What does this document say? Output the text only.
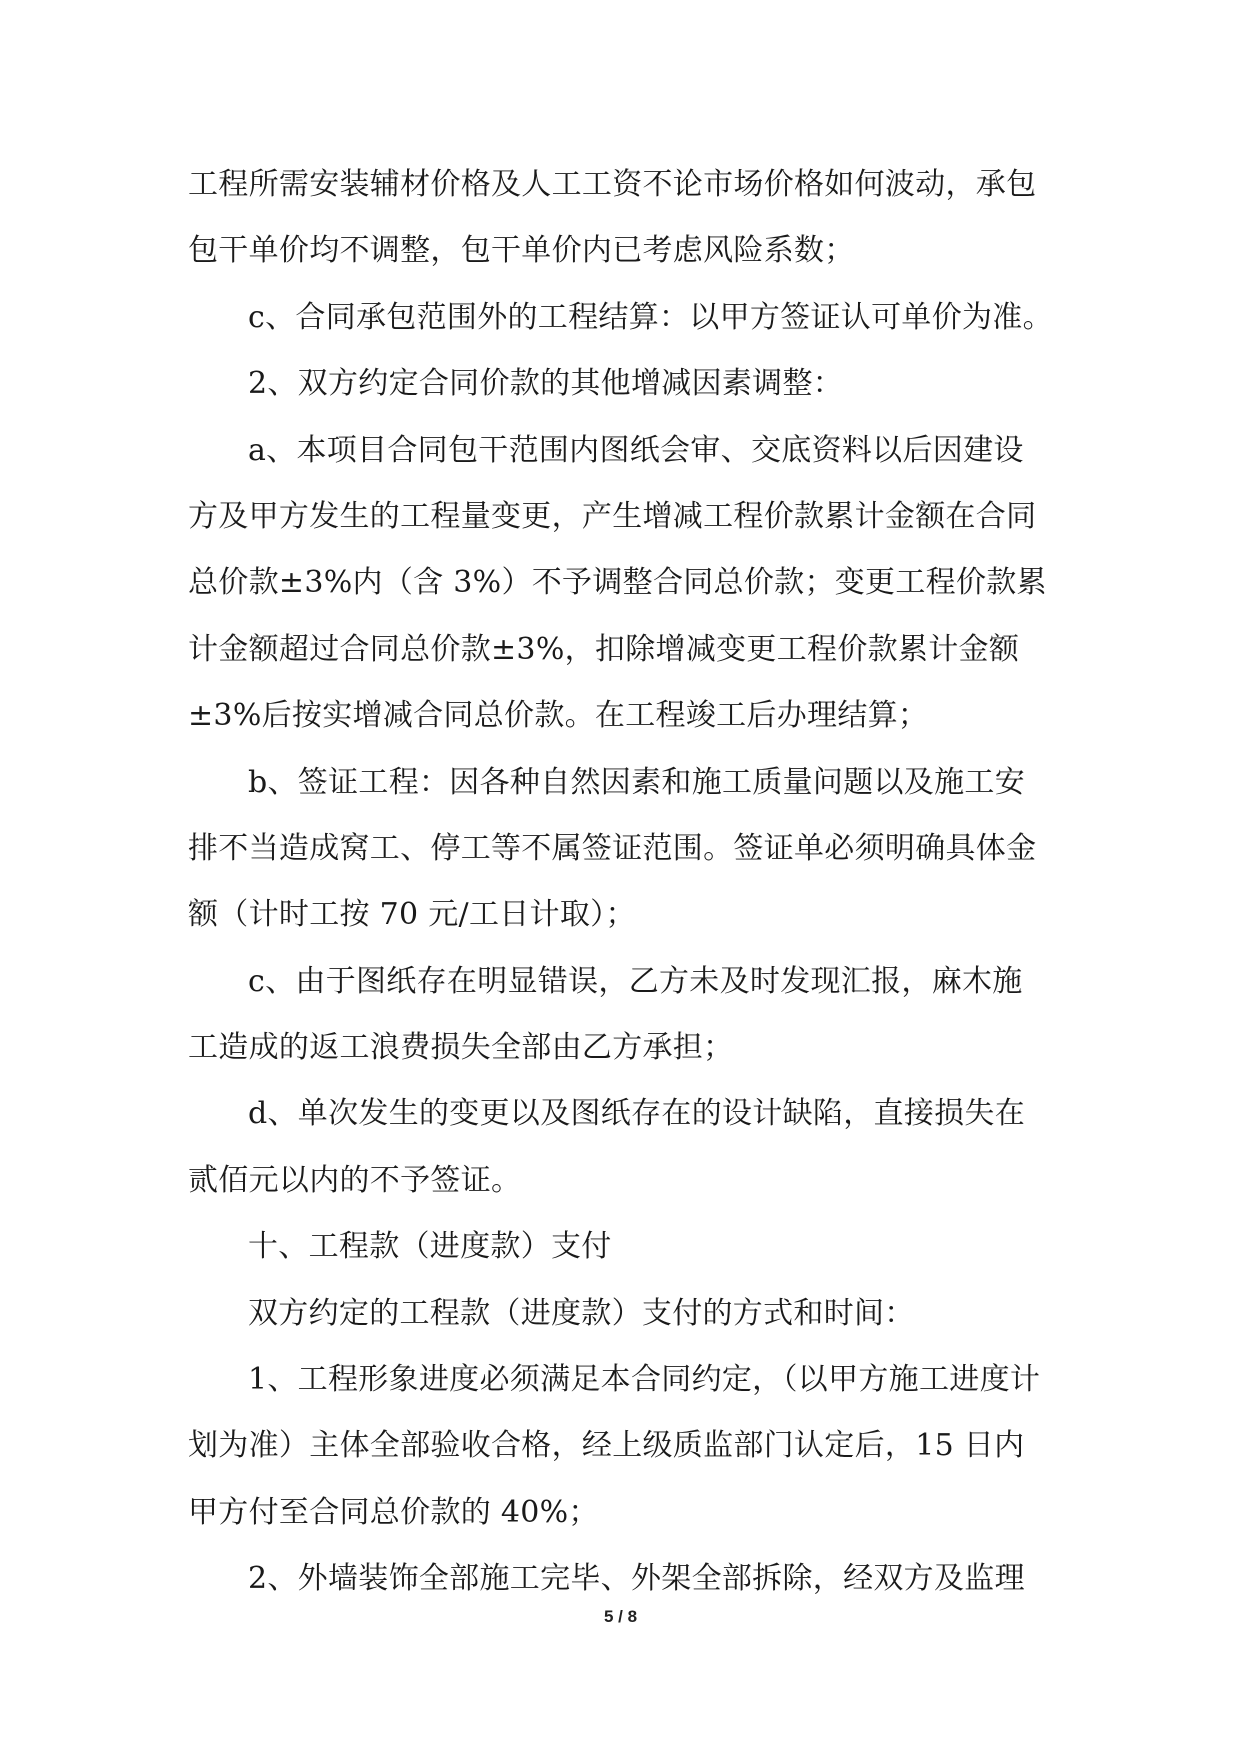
工程所需安装辅材价格及人工工资不论市场价格如何波动，承包
包干单价均不调整，包干单价内已考虑风险系数；
c、合同承包范围外的工程结算：以甲方签证认可单价为准。
2、双方约定合同价款的其他增减因素调整：
a、本项目合同包干范围内图纸会审、交底资料以后因建设
方及甲方发生的工程量变更，产生增减工程价款累计金额在合同
总价款±3%内（含 3%）不予调整合同总价款；变更工程价款累
计金额超过合同总价款±3%，扣除增减变更工程价款累计金额
±3%后按实增减合同总价款。在工程竣工后办理结算；
b、签证工程：因各种自然因素和施工质量问题以及施工安
排不当造成窝工、停工等不属签证范围。签证单必须明确具体金
额（计时工按 70 元/工日计取）；
c、由于图纸存在明显错误，乙方未及时发现汇报，麻木施
工造成的返工浪费损失全部由乙方承担；
d、单次发生的变更以及图纸存在的设计缺陷，直接损失在
贰佰元以内的不予签证。
十、工程款（进度款）支付
双方约定的工程款（进度款）支付的方式和时间：
1、工程形象进度必须满足本合同约定，（以甲方施工进度计
划为准）主体全部验收合格，经上级质监部门认定后，15 日内
甲方付至合同总价款的 40%；
2、外墙装饰全部施工完毕、外架全部拆除，经双方及监理
5 / 8
